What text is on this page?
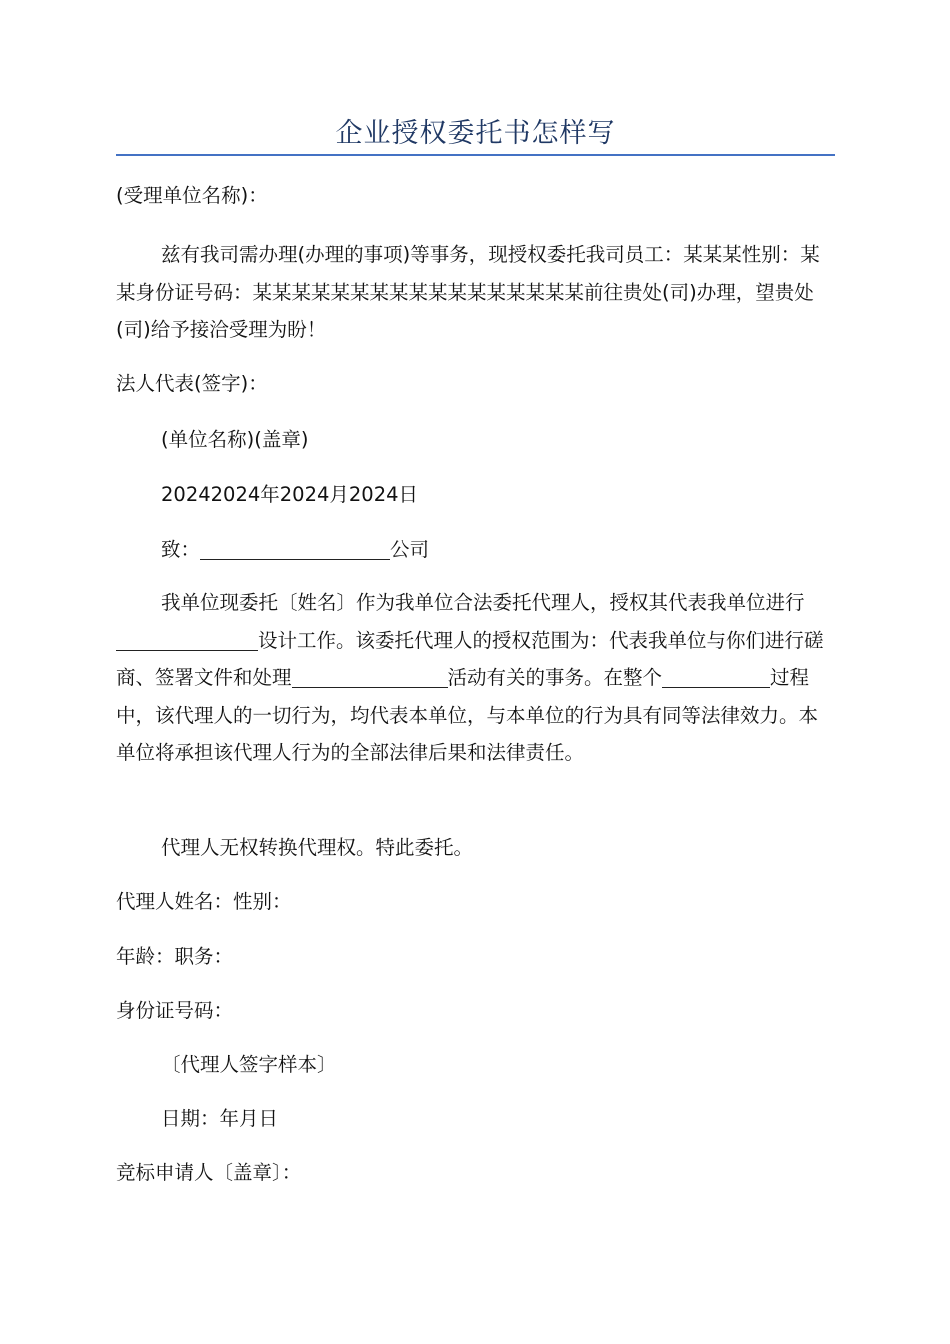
企业授权委托书怎样写

(受理单位名称)：

兹有我司需办理(办理的事项)等事务，现授权委托我司员工：某某某性别：某某身份证号码：某某某某某某某某某某某某某某某某某前往贵处(司)办理，望贵处(司)给予接洽受理为盼！

法人代表(签字)：

(单位名称)(盖章)

20242024年2024月2024日

致：	公司

我单位现委托〔姓名〕作为我单位合法委托代理人，授权其代表我单位进行设计工作。该委托代理人的授权范围为：代表我单位与你们进行磋商、签署文件和处理	活动有关的事务。在整个	过程中，该代理人的一切行为，均代表本单位，与本单位的行为具有同等法律效力。本单位将承担该代理人行为的全部法律后果和法律责任。

代理人无权转换代理权。特此委托。

代理人姓名：性别：

年龄：职务：

身份证号码：

〔代理人签字样本〕

日期：年月日

竞标申请人〔盖章〕：
